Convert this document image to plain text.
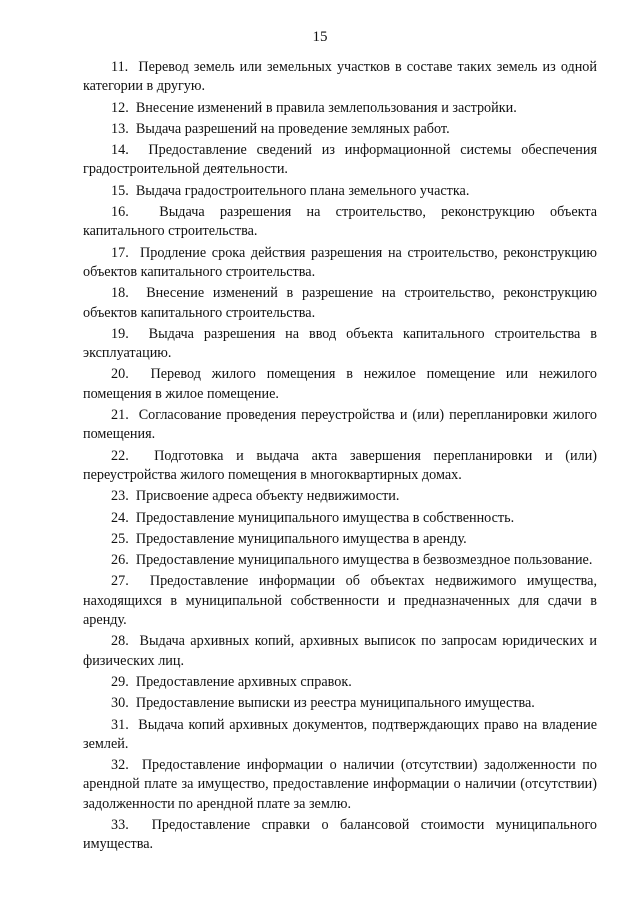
15

11. Перевод земель или земельных участков в составе таких земель из одной категории в другую.

12. Внесение изменений в правила землепользования и застройки.

13. Выдача разрешений на проведение земляных работ.

14. Предоставление сведений из информационной системы обеспечения градостроительной деятельности.

15. Выдача градостроительного плана земельного участка.

16. Выдача разрешения на строительство, реконструкцию объекта капитального строительства.

17. Продление срока действия разрешения на строительство, реконструкцию объектов капитального строительства.

18. Внесение изменений в разрешение на строительство, реконструкцию объектов капитального строительства.

19. Выдача разрешения на ввод объекта капитального строительства в эксплуатацию.

20. Перевод жилого помещения в нежилое помещение или нежилого помещения в жилое помещение.

21. Согласование проведения переустройства и (или) перепланировки жилого помещения.

22. Подготовка и выдача акта завершения перепланировки и (или) переустройства жилого помещения в многоквартирных домах.

23. Присвоение адреса объекту недвижимости.

24. Предоставление муниципального имущества в собственность.

25. Предоставление муниципального имущества в аренду.

26. Предоставление муниципального имущества в безвозмездное пользование.

27. Предоставление информации об объектах недвижимого имущества, находящихся в муниципальной собственности и предназначенных для сдачи в аренду.

28. Выдача архивных копий, архивных выписок по запросам юридических и физических лиц.

29. Предоставление архивных справок.

30. Предоставление выписки из реестра муниципального имущества.

31. Выдача копий архивных документов, подтверждающих право на владение землей.

32. Предоставление информации о наличии (отсутствии) задолженности по арендной плате за имущество, предоставление информации о наличии (отсутствии) задолженности по арендной плате за землю.

33. Предоставление справки о балансовой стоимости муниципального имущества.
